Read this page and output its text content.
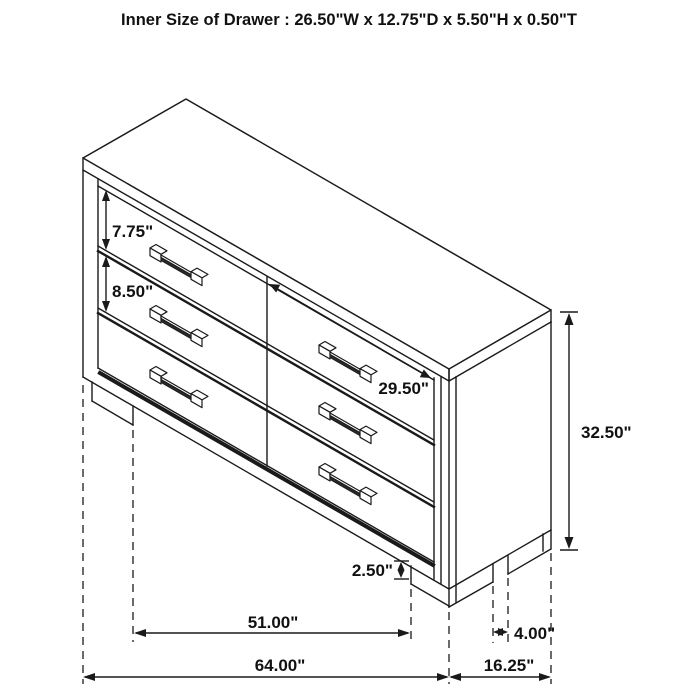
Inner Size of Drawer : 26.50"W x 12.75"D x 5.50"H x 0.50"T
7.75"
8.50"
29.50"
32.50"
2.50"
51.00"
64.00"	16.25"
4.00"
